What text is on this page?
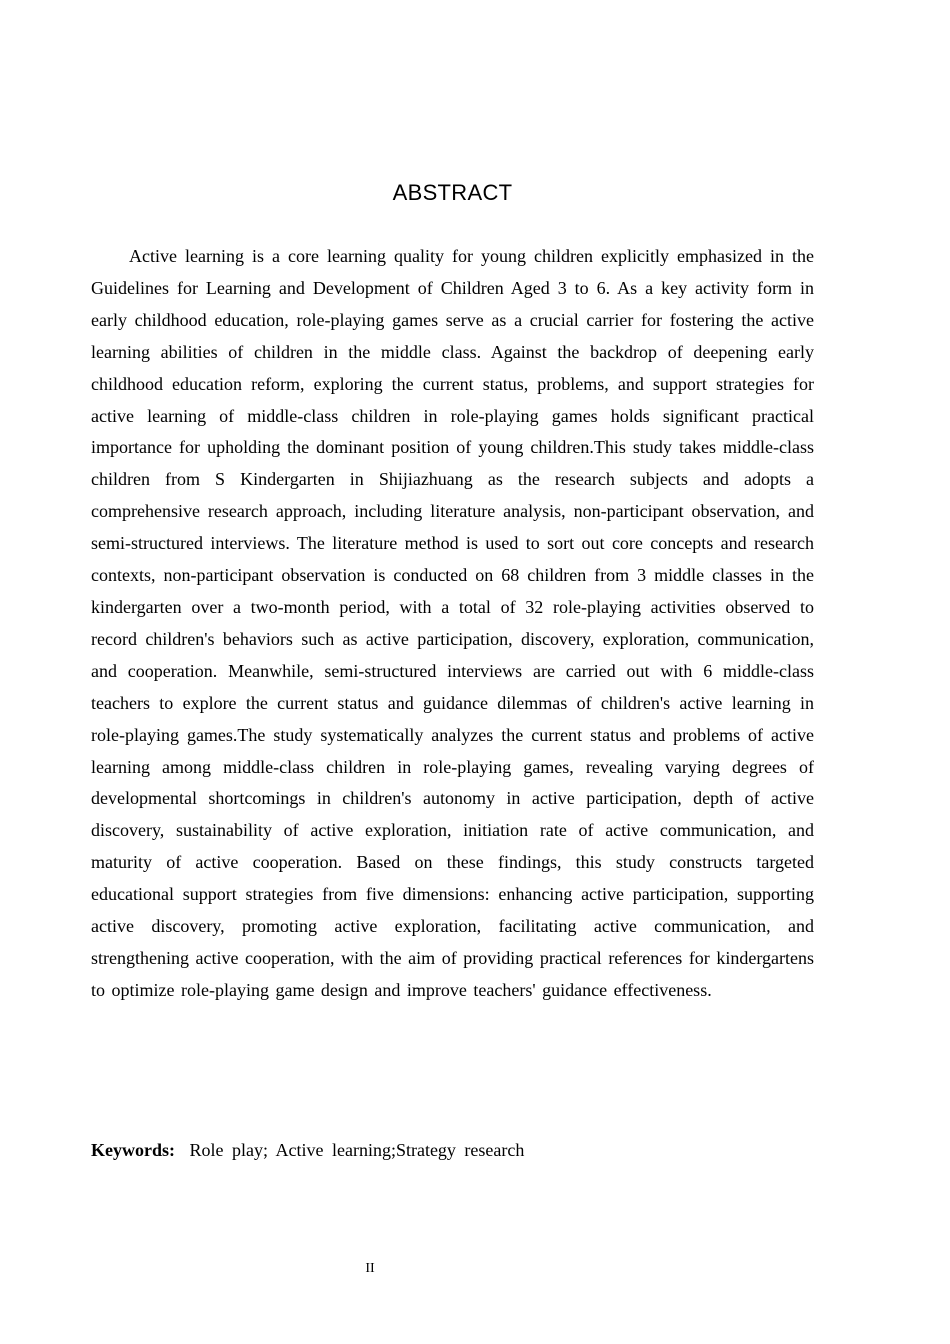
ABSTRACT

Active learning is a core learning quality for young children explicitly emphasized in the Guidelines for Learning and Development of Children Aged 3 to 6. As a key activity form in early childhood education, role-playing games serve as a crucial carrier for fostering the active learning abilities of children in the middle class. Against the backdrop of deepening early childhood education reform, exploring the current status, problems, and support strategies for active learning of middle-class children in role-playing games holds significant practical importance for upholding the dominant position of young children.This study takes middle-class children from S Kindergarten in Shijiazhuang as the research subjects and adopts a comprehensive research approach, including literature analysis, non-participant observation, and semi-structured interviews. The literature method is used to sort out core concepts and research contexts, non-participant observation is conducted on 68 children from 3 middle classes in the kindergarten over a two-month period, with a total of 32 role-playing activities observed to record children's behaviors such as active participation, discovery, exploration, communication, and cooperation. Meanwhile, semi-structured interviews are carried out with 6 middle-class teachers to explore the current status and guidance dilemmas of children's active learning in role-playing games.The study systematically analyzes the current status and problems of active learning among middle-class children in role-playing games, revealing varying degrees of developmental shortcomings in children's autonomy in active participation, depth of active discovery, sustainability of active exploration, initiation rate of active communication, and maturity of active cooperation. Based on these findings, this study constructs targeted educational support strategies from five dimensions: enhancing active participation, supporting active discovery, promoting active exploration, facilitating active communication, and strengthening active cooperation, with the aim of providing practical references for kindergartens to optimize role-playing game design and improve teachers' guidance effectiveness.

Keywords: Role play; Active learning;Strategy research
II
